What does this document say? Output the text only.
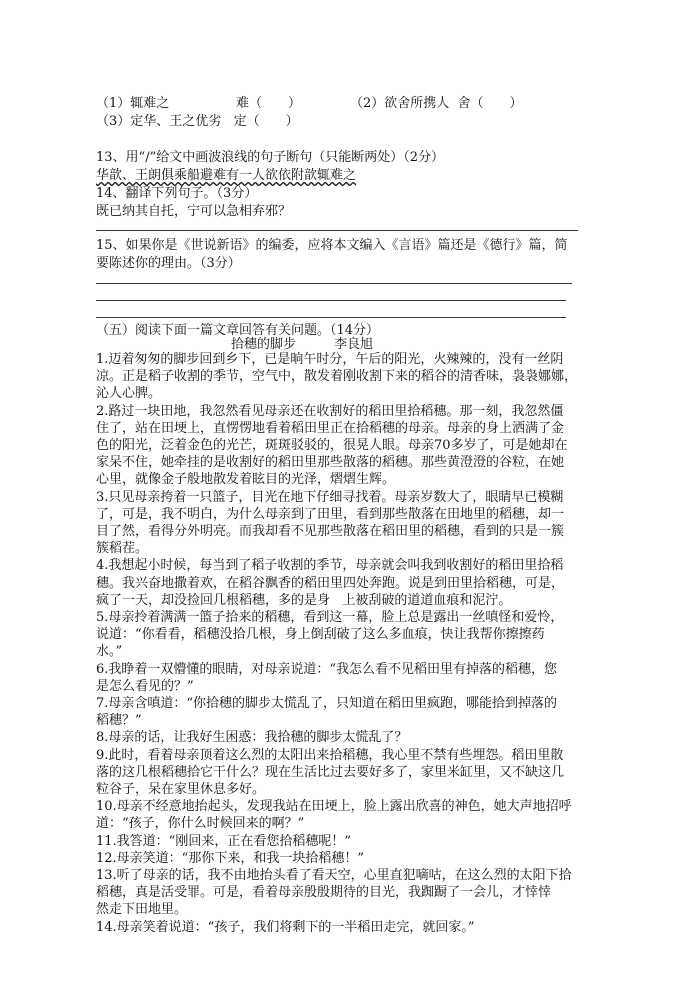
（1）辄难之

	难（　　）

	（2）欲舍所携人  舍（　　）

（3）定华、王之优劣   定（　　）

13、用“/”给文中画波浪线的句子断句（只能断两处）（2分）
华歆、王朗俱乘船避难有一人欲依附歆辄难之
14、翻译下列句子。（3分）
既已纳其自托，宁可以急相弃邪？
15、如果你是《世说新语》的编委，应将本文编入《言语》篇还是《德行》篇，简
要陈述你的理由。（3分）
（五）阅读下面一篇文章回答有关问题。（14分）

拾穗的脚步

	李良旭

1.迈着匆匆的脚步回到乡下，已是晌午时分，午后的阳光，火辣辣的，没有一丝阴
凉。正是稻子收割的季节，空气中，散发着刚收割下来的稻谷的清香味，袅袅娜娜，
沁人心脾。
2.路过一块田地，我忽然看见母亲还在收割好的稻田里拾稻穗。那一刻，我忽然僵
住了，站在田埂上，直愣愣地看着稻田里正在拾稻穗的母亲。母亲的身上洒满了金
色的阳光，泛着金色的光芒，斑斑驳驳的，很晃人眼。母亲70多岁了，可是她却在
家呆不住，她牵挂的是收割好的稻田里那些散落的稻穗。那些黄澄澄的谷粒，在她
心里，就像金子般地散发着眩目的光泽，熠熠生辉。
3.只见母亲挎着一只篮子，目光在地下仔细寻找着。母亲岁数大了，眼睛早已模糊
了，可是，我不明白，为什么母亲到了田里，看到那些散落在田地里的稻穗，却一
目了然，看得分外明亮。而我却看不见那些散落在稻田里的稻穗，看到的只是一簇
簇稻茬。
4.我想起小时候，每当到了稻子收割的季节，母亲就会叫我到收割好的稻田里拾稻
穗。我兴奋地撒着欢，在稻谷飘香的稻田里四处奔跑。说是到田里拾稻穗，可是，
疯了一天，却没捡回几根稻穗，多的是身   上被刮破的道道血痕和泥泞。
5.母亲拎着满满一篮子拾来的稻穗，看到这一幕，脸上总是露出一丝嗔怪和爱怜，
说道：“你看看，稻穗没拾几根，身上倒刮破了这么多血痕，快让我帮你擦擦药
水。”
6.我睁着一双懵懂的眼睛，对母亲说道：“我怎么看不见稻田里有掉落的稻穗，您
是怎么看见的？”
7.母亲含嗔道：“你拾穗的脚步太慌乱了，只知道在稻田里疯跑，哪能拾到掉落的
稻穗？”
8.母亲的话，让我好生困惑：我拾穗的脚步太慌乱了？
9.此时，看着母亲顶着这么烈的太阳出来拾稻穗，我心里不禁有些埋怨。稻田里散
落的这几根稻穗拾它干什么？现在生活比过去要好多了，家里米缸里，又不缺这几
粒谷子，呆在家里休息多好。
10.母亲不经意地抬起头，发现我站在田埂上，脸上露出欣喜的神色，她大声地招呼
道：“孩子，你什么时候回来的啊？”
11.我答道：“刚回来，正在看您拾稻穗呢！”
12.母亲笑道：“那你下来，和我一块拾稻穗！”
13.听了母亲的话，我不由地抬头看了看天空，心里直犯嘀咕，在这么烈的太阳下拾
稻穗，真是活受罪。可是，看着母亲殷殷期待的目光，我踟蹰了一会儿，才悻悻
然走下田地里。
14.母亲笑着说道：“孩子，我们将剩下的一半稻田走完，就回家。”
